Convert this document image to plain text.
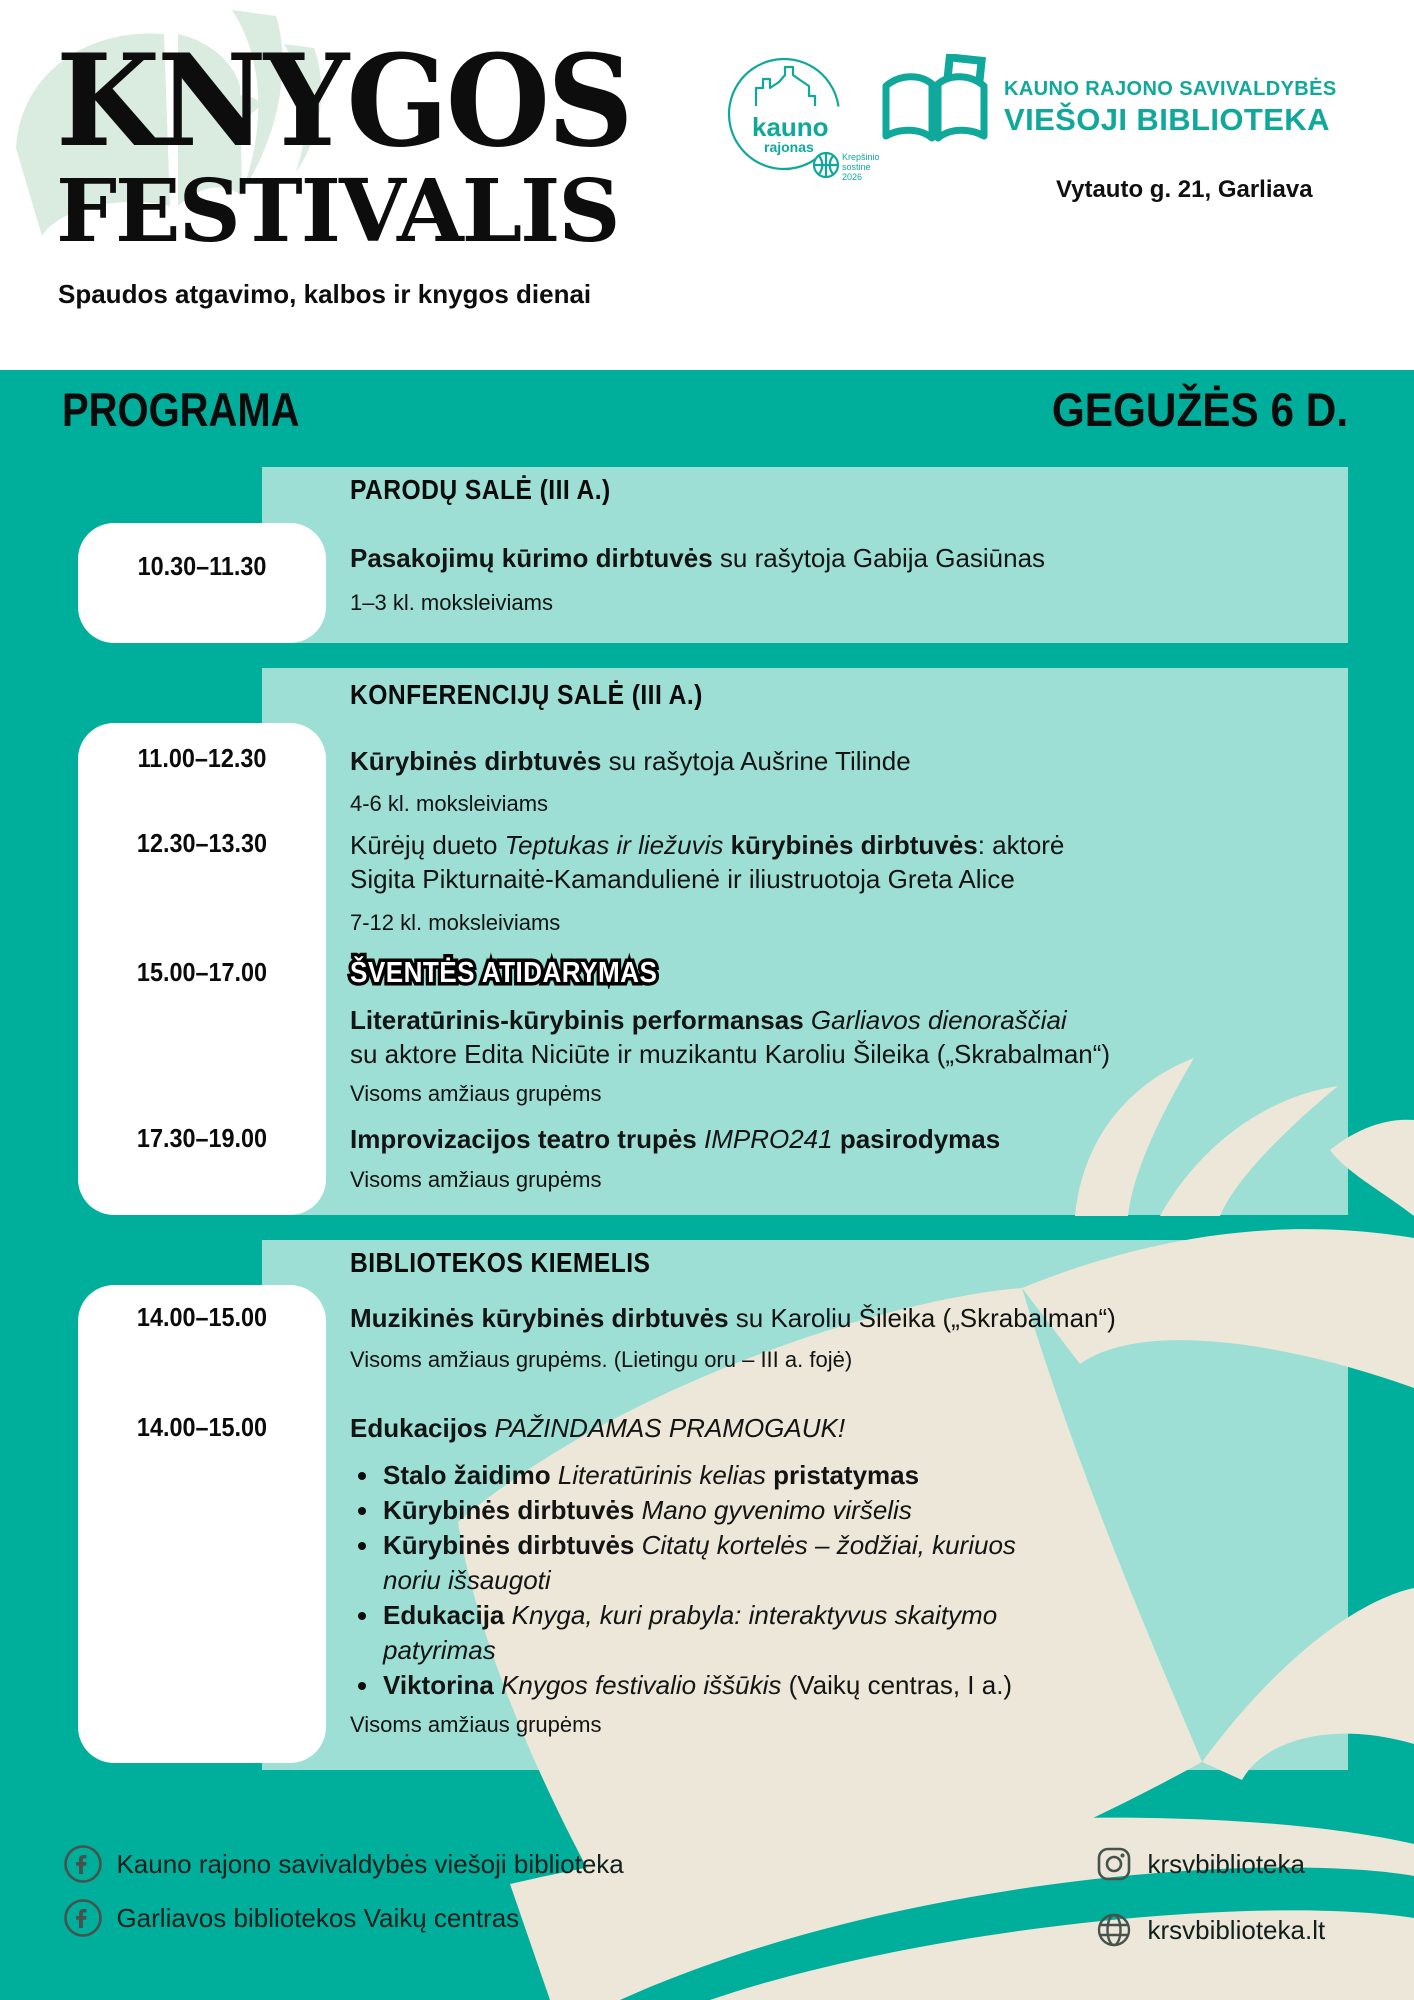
KNYGOS
FESTIVALIS
Spaudos atgavimo, kalbos ir knygos dienai
kauno
rajonas
Krepšinio
sostinė
2026
KAUNO RAJONO SAVIVALDYBĖS
VIEŠOJI BIBLIOTEKA
Vytauto g. 21, Garliava
PROGRAMA	GEGUŽĖS 6 D.
PARODŲ SALĖ (III A.)
10.30–11.30	Pasakojimų kūrimo dirbtuvės su rašytoja Gabija Gasiūnas
1–3 kl. moksleiviams
KONFERENCIJŲ SALĖ (III A.)
11.00–12.30	Kūrybinės dirbtuvės su rašytoja Aušrine Tilinde
4-6 kl. moksleiviams
12.30–13.30	Kūrėjų dueto Teptukas ir liežuvis kūrybinės dirbtuvės: aktorė
Sigita Pikturnaitė-Kamandulienė ir iliustruotoja Greta Alice
7-12 kl. moksleiviams
15.00–17.00	ŠVENTĖS ATIDARYMAS
Literatūrinis-kūrybinis performansas Garliavos dienoraščiai
su aktore Edita Niciūte ir muzikantu Karoliu Šileika („Skrabalman“)
Visoms amžiaus grupėms
17.30–19.00	Improvizacijos teatro trupės IMPRO241 pasirodymas
Visoms amžiaus grupėms
BIBLIOTEKOS KIEMELIS
14.00–15.00	Muzikinės kūrybinės dirbtuvės su Karoliu Šileika („Skrabalman“)
Visoms amžiaus grupėms. (Lietingu oru – III a. fojė)
14.00–15.00	Edukacijos PAŽINDAMAS PRAMOGAUK!
Stalo žaidimo Literatūrinis kelias pristatymas
Kūrybinės dirbtuvės Mano gyvenimo viršelis
Kūrybinės dirbtuvės Citatų kortelės – žodžiai, kuriuos
noriu išsaugoti
Edukacija Knyga, kuri prabyla: interaktyvus skaitymo
patyrimas
Viktorina Knygos festivalio iššūkis (Vaikų centras, I a.)
Visoms amžiaus grupėms
Kauno rajono savivaldybės viešoji biblioteka
Garliavos bibliotekos Vaikų centras
krsvbiblioteka
krsvbiblioteka.lt
